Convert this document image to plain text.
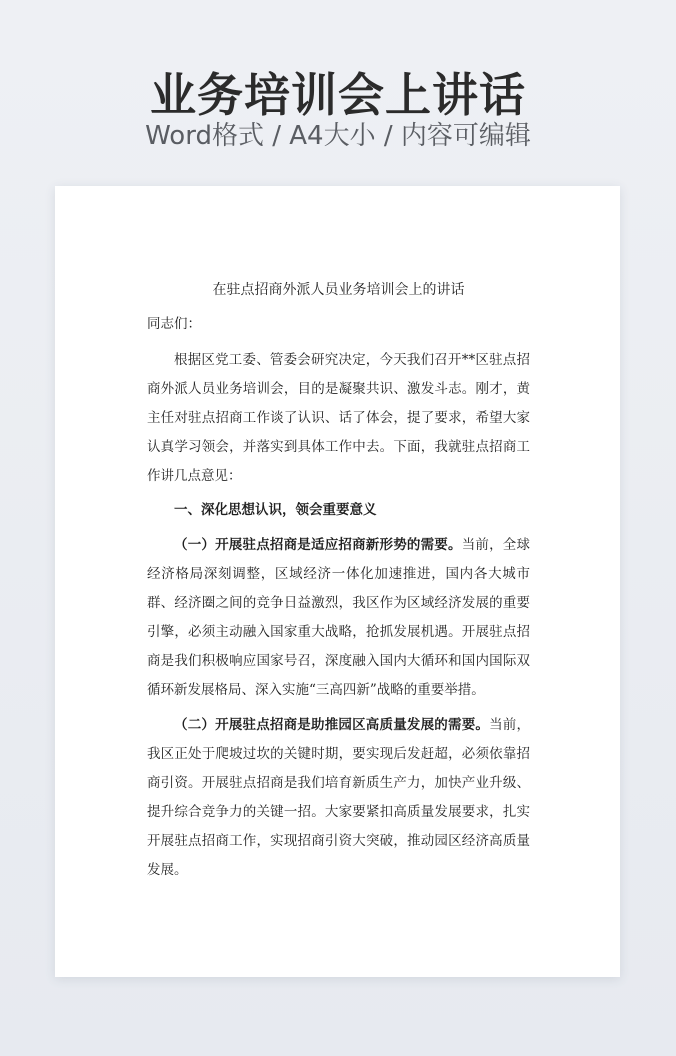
业务培训会上讲话
Word格式 / A4大小 / 内容可编辑
在驻点招商外派人员业务培训会上的讲话
同志们：

根据区党工委、管委会研究决定，今天我们召开**区驻点招商外派人员业务培训会，目的是凝聚共识、激发斗志。刚才，黄主任对驻点招商工作谈了认识、话了体会，提了要求，希望大家认真学习领会，并落实到具体工作中去。下面，我就驻点招商工作讲几点意见：

一、深化思想认识，领会重要意义

（一）开展驻点招商是适应招商新形势的需要。当前，全球经济格局深刻调整，区域经济一体化加速推进，国内各大城市群、经济圈之间的竞争日益激烈，我区作为区域经济发展的重要引擎，必须主动融入国家重大战略，抢抓发展机遇。开展驻点招商是我们积极响应国家号召，深度融入国内大循环和国内国际双循环新发展格局、深入实施“三高四新”战略的重要举措。

（二）开展驻点招商是助推园区高质量发展的需要。当前，我区正处于爬坡过坎的关键时期，要实现后发赶超，必须依靠招商引资。开展驻点招商是我们培育新质生产力，加快产业升级、提升综合竞争力的关键一招。大家要紧扣高质量发展要求，扎实开展驻点招商工作，实现招商引资大突破，推动园区经济高质量发展。
